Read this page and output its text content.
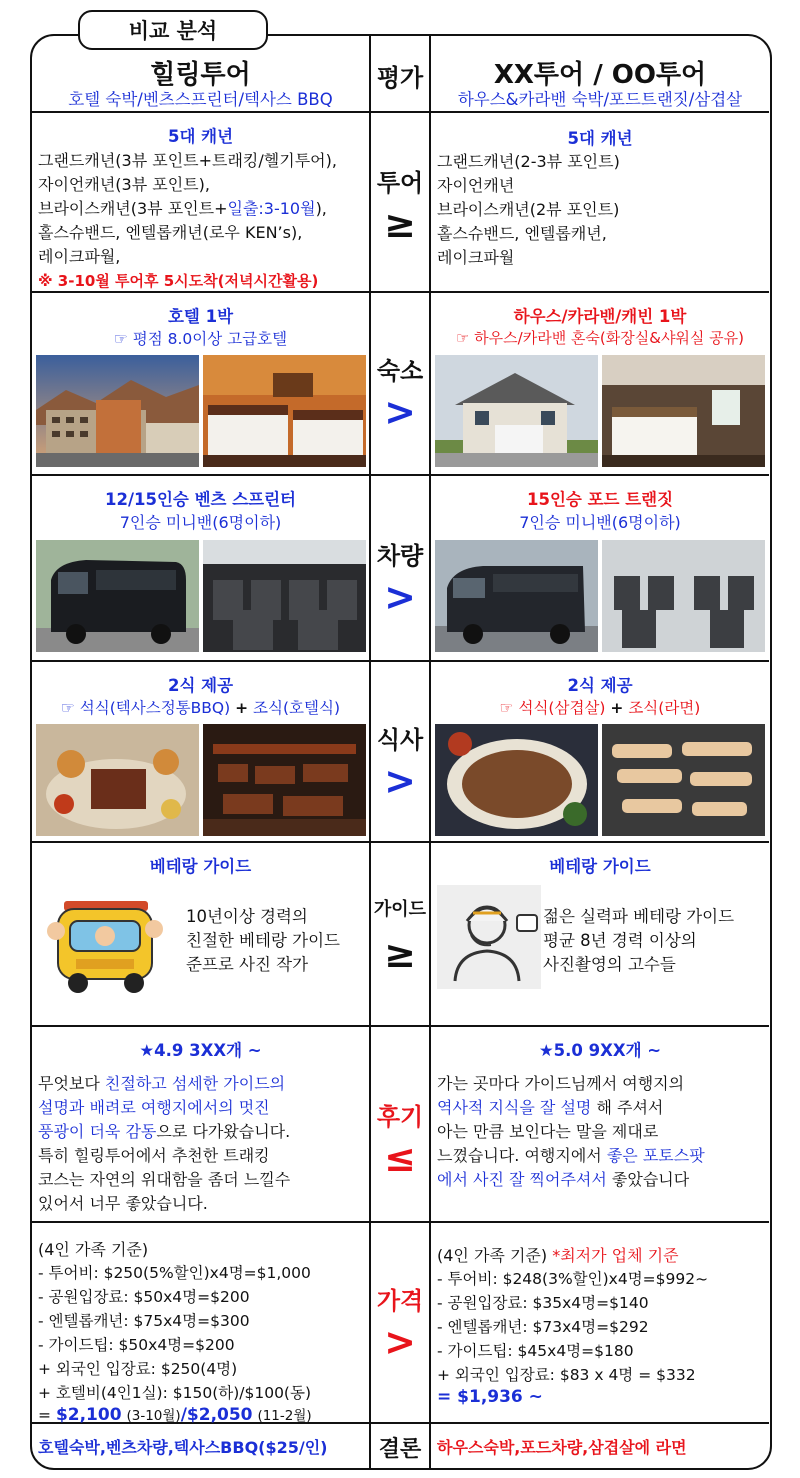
비교 분석
힐링투어
호텔 숙박/벤츠스프린터/텍사스 BBQ
평가	XX투어 / OO투어
하우스&카라밴 숙박/포드트랜짓/삼겹살
5대 캐년
그랜드캐년(3뷰 포인트+트래킹/헬기투어),
자이언캐년(3뷰 포인트),
브라이스캐년(3뷰 포인트+일출:3-10월),
홀스슈밴드, 엔텔롭캐년(로우 KEN’s),
레이크파월,
※ 3-10월 투어후 5시도착(저녁시간활용)
투어
≥
5대 캐년
그랜드캐년(2-3뷰 포인트)
자이언캐년
브라이스캐년(2뷰 포인트)
홀스슈밴드, 엔텔롭캐년,
레이크파월
호텔 1박
☞ 평점 8.0이상 고급호텔
숙소
>
하우스/카라밴/캐빈 1박
☞ 하우스/카라밴 혼숙(화장실&샤워실 공유)
12/15인승 벤츠 스프린터
7인승 미니밴(6명이하)
차량
>
15인승 포드 트랜짓
7인승 미니밴(6명이하)
2식 제공
☞ 석식(텍사스정통BBQ) + 조식(호텔식)
식사
>
2식 제공
☞ 석식(삼겹살) + 조식(라면)
베테랑 가이드
10년이상 경력의
친절한 베테랑 가이드
준프로 사진 작가
가이드
≥
베테랑 가이드
젊은 실력파 베테랑 가이드
평균 8년 경력 이상의
사진촬영의 고수들
★4.9 3XX개 ~
무엇보다 친절하고 섬세한 가이드의
설명과 배려로 여행지에서의 멋진
풍광이 더욱 감동으로 다가왔습니다.
특히 힐링투어에서 추천한 트래킹
코스는 자연의 위대함을 좀더 느낄수
있어서 너무 좋았습니다.
후기
≤
★5.0 9XX개 ~
가는 곳마다 가이드님께서 여행지의
역사적 지식을 잘 설명 해 주셔서
아는 만큼 보인다는 말을 제대로
느꼈습니다. 여행지에서 좋은 포토스팟
에서 사진 잘 찍어주셔서 좋았습니다
(4인 가족 기준)
- 투어비: $250(5%할인)x4명=$1,000
- 공원입장료: $50x4명=$200
- 엔텔롭캐년: $75x4명=$300
- 가이드팁: $50x4명=$200
+ 외국인 입장료: $250(4명)
+ 호텔비(4인1실): $150(하)/$100(동)
= $2,100 (3-10월)/$2,050 (11-2월)
가격
>
(4인 가족 기준) *최저가 업체 기준
- 투어비: $248(3%할인)x4명=$992~
- 공원입장료: $35x4명=$140
- 엔텔롭캐년: $73x4명=$292
- 가이드팁: $45x4명=$180
+ 외국인 입장료: $83 x 4명 = $332
= $1,936 ~
호텔숙박,벤츠차량,텍사스BBQ($25/인)	결론 하우스숙박,포드차량,삼겹살에 라면
